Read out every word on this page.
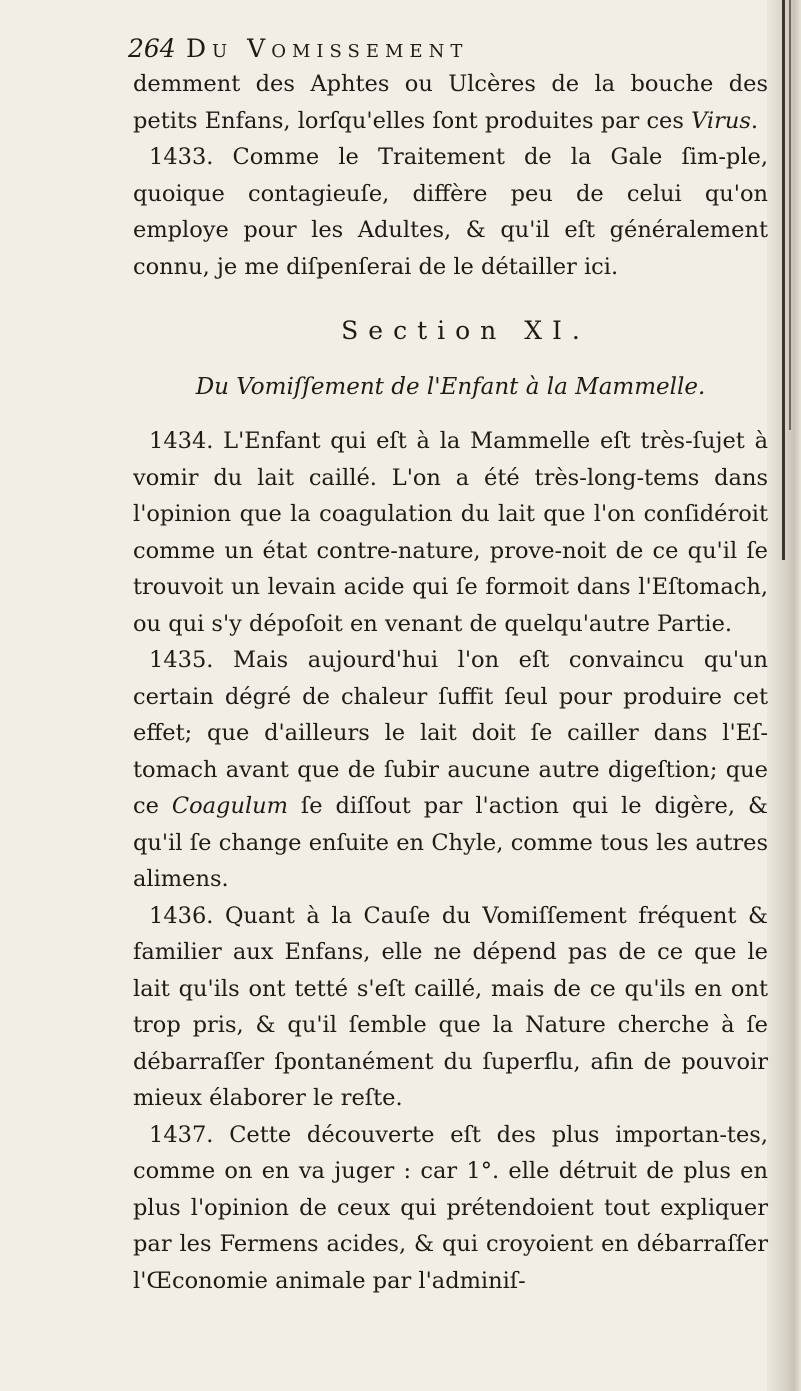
264 Du Vomissement

demment des Aphtes ou Ulcères de la bouche des petits Enfans, lorſqu'elles ſont produites par ces Virus.

1433. Comme le Traitement de la Gale ſim-ple, quoique contagieuſe, diffère peu de celui qu'on employe pour les Adultes, & qu'il eſt généralement connu, je me diſpenſerai de le détailler ici.

Section XI.
Du Vomiſſement de l'Enfant à la Mammelle.

1434. L'Enfant qui eſt à la Mammelle eſt très-ſujet à vomir du lait caillé. L'on a été très-long-tems dans l'opinion que la coagulation du lait que l'on conſidéroit comme un état contre-nature, prove-noit de ce qu'il ſe trouvoit un levain acide qui ſe formoit dans l'Eſtomach, ou qui s'y dépoſoit en venant de quelqu'autre Partie.

1435. Mais aujourd'hui l'on eſt convaincu qu'un certain dégré de chaleur ſuffit ſeul pour produire cet effet; que d'ailleurs le lait doit ſe cailler dans l'Eſ-tomach avant que de ſubir aucune autre digeſtion; que ce Coagulum ſe diſſout par l'action qui le digère, & qu'il ſe change enſuite en Chyle, comme tous les autres alimens.

1436. Quant à la Cauſe du Vomiſſement fréquent & familier aux Enfans, elle ne dépend pas de ce que le lait qu'ils ont tetté s'eſt caillé, mais de ce qu'ils en ont trop pris, & qu'il ſemble que la Nature cherche à ſe débarraſſer ſpontanément du ſuperflu, afin de pouvoir mieux élaborer le reſte.

1437. Cette découverte eſt des plus importan-tes, comme on en va juger : car 1°. elle détruit de plus en plus l'opinion de ceux qui prétendoient tout expliquer par les Fermens acides, & qui croyoient en débarraſſer l'Œconomie animale par l'adminiſ-
